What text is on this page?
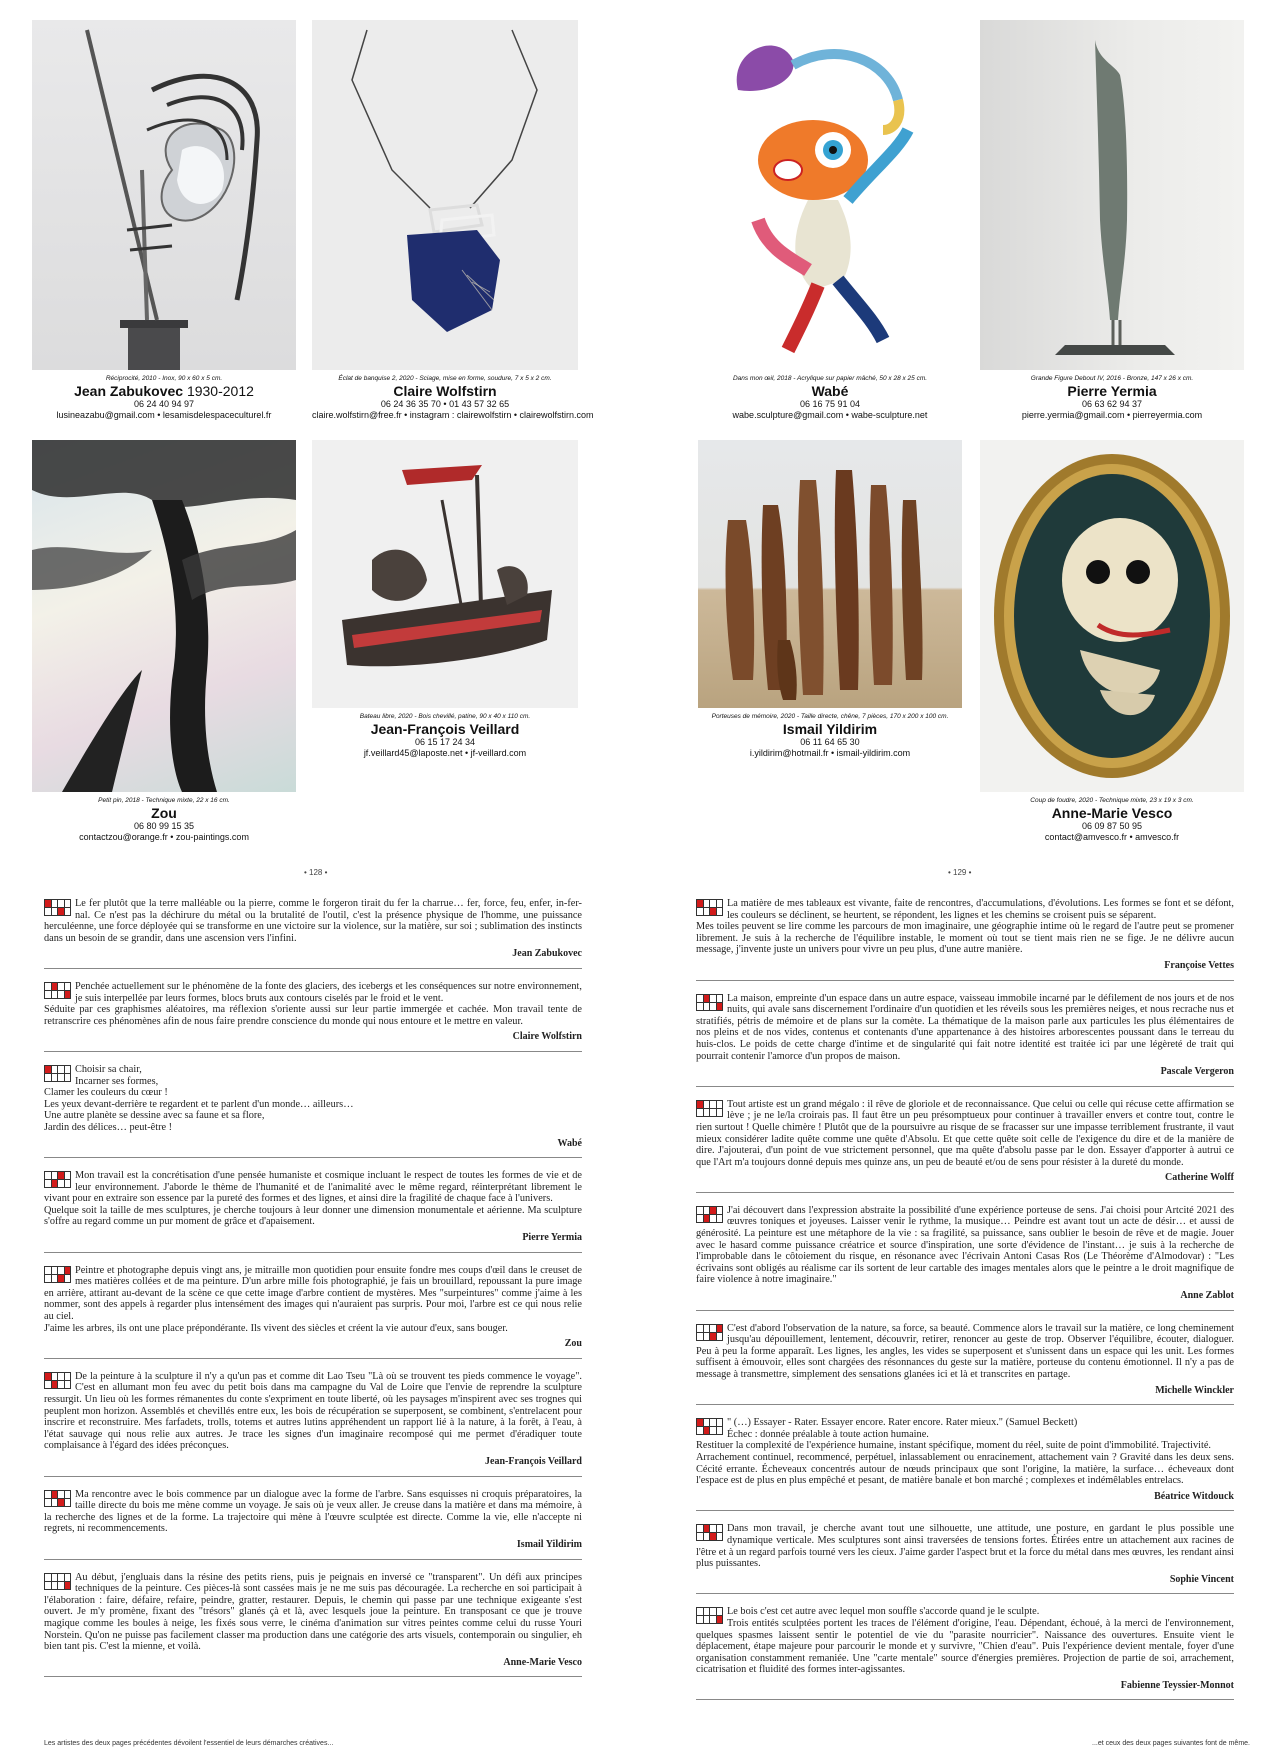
Réciprocité, 2010 - Inox, 90 x 60 x 5 cm.
Jean Zabukovec 1930-2012
06 24 40 94 97
lusineazabu@gmail.com • lesamisdelespaceculturel.fr
Éclat de banquise 2, 2020 - Sciage, mise en forme, soudure, 7 x 5 x 2 cm.
Claire Wolfstirn
06 24 36 35 70 • 01 43 57 32 65
claire.wolfstirn@free.fr • instagram : clairewolfstirn • clairewolfstirn.com
Dans mon œil, 2018 - Acrylique sur papier mâché, 50 x 28 x 25 cm.
Wabé
06 16 75 91 04
wabe.sculpture@gmail.com • wabe-sculpture.net
Grande Figure Debout IV, 2016 - Bronze, 147 x 26 x cm.
Pierre Yermia
06 63 62 94 37
pierre.yermia@gmail.com • pierreyermia.com
Petit pin, 2018 - Technique mixte, 22 x 16 cm.
Zou
06 80 99 15 35
contactzou@orange.fr • zou-paintings.com
Bateau libre, 2020 - Bois chevillé, patine, 90 x 40 x 110 cm.
Jean-François Veillard
06 15 17 24 34
jf.veillard45@laposte.net • jf-veillard.com
Porteuses de mémoire, 2020 - Taille directe, chêne, 7 pièces, 170 x 200 x 100 cm.
Ismail Yildirim
06 11 64 65 30
i.yildirim@hotmail.fr • ismail-yildirim.com
Coup de foudre, 2020 - Technique mixte, 23 x 19 x 3 cm.
Anne-Marie Vesco
06 09 87 50 95
contact@amvesco.fr • amvesco.fr
• 128 •	• 129 •

Le fer plutôt que la terre malléable ou la pierre, comme le forgeron tirait du fer la charrue… fer, force, feu, enfer, in-fer-nal. Ce n'est pas la déchirure du métal ou la brutalité de l'outil, c'est la présence physique de l'homme, une puissance herculéenne, une force déployée qui se transforme en une victoire sur la violence, sur la matière, sur soi ; sublimation des instincts dans un besoin de se grandir, dans une ascension vers l'infini.

Jean Zabukovec

Penchée actuellement sur le phénomène de la fonte des glaciers, des icebergs et les conséquences sur notre environnement, je suis interpellée par leurs formes, blocs bruts aux contours ciselés par le froid et le vent.

Séduite par ces graphismes aléatoires, ma réflexion s'oriente aussi sur leur partie immergée et cachée. Mon travail tente de retranscrire ces phénomènes afin de nous faire prendre conscience du monde qui nous entoure et le mettre en valeur.

Claire Wolfstirn

Choisir sa chair,

Incarner ses formes,

Clamer les couleurs du cœur !

Les yeux devant-derrière te regardent et te parlent d'un monde… ailleurs…

Une autre planète se dessine avec sa faune et sa flore,

Jardin des délices… peut-être !

Wabé

Mon travail est la concrétisation d'une pensée humaniste et cosmique incluant le respect de toutes les formes de vie et de leur environnement. J'aborde le thème de l'humanité et de l'animalité avec le même regard, réinterprétant librement le vivant pour en extraire son essence par la pureté des formes et des lignes, et ainsi dire la fragilité de chaque face à l'univers.

Quelque soit la taille de mes sculptures, je cherche toujours à leur donner une dimension monumentale et aérienne. Ma sculpture s'offre au regard comme un pur moment de grâce et d'apaisement.

Pierre Yermia

Peintre et photographe depuis vingt ans, je mitraille mon quotidien pour ensuite fondre mes coups d'œil dans le creuset de mes matières collées et de ma peinture. D'un arbre mille fois photographié, je fais un brouillard, repoussant la pure image en arrière, attirant au-devant de la scène ce que cette image d'arbre contient de mystères. Mes "surpeintures" comme j'aime à les nommer, sont des appels à regarder plus intensément des images qui n'auraient pas surpris. Pour moi, l'arbre est ce qui nous relie au ciel.

J'aime les arbres, ils ont une place prépondérante. Ils vivent des siècles et créent la vie autour d'eux, sans bouger.

Zou

De la peinture à la sculpture il n'y a qu'un pas et comme dit Lao Tseu "Là où se trouvent tes pieds commence le voyage". C'est en allumant mon feu avec du petit bois dans ma campagne du Val de Loire que l'envie de reprendre la sculpture ressurgit. Un lieu où les formes rémanentes du conte s'expriment en toute liberté, où les paysages m'inspirent avec ses trognes qui peuplent mon horizon. Assemblés et chevillés entre eux, les bois de récupération se superposent, se combinent, s'entrelacent pour inscrire et reconstruire. Mes farfadets, trolls, totems et autres lutins appréhendent un rapport lié à la nature, à la forêt, à l'eau, à l'état sauvage qui nous relie aux autres. Je trace les signes d'un imaginaire recomposé qui me permet d'éradiquer toute complaisance à l'égard des idées préconçues.

Jean-François Veillard

Ma rencontre avec le bois commence par un dialogue avec la forme de l'arbre. Sans esquisses ni croquis préparatoires, la taille directe du bois me mène comme un voyage. Je sais où je veux aller. Je creuse dans la matière et dans ma mémoire, à la recherche des lignes et de la forme. La trajectoire qui mène à l'œuvre sculptée est directe. Comme la vie, elle n'accepte ni regrets, ni recommencements.

Ismail Yildirim

Au début, j'engluais dans la résine des petits riens, puis je peignais en inversé ce "transparent". Un défi aux principes techniques de la peinture. Ces pièces-là sont cassées mais je ne me suis pas découragée. La recherche en soi participait à l'élaboration : faire, défaire, refaire, peindre, gratter, restaurer. Depuis, le chemin qui passe par une technique exigeante s'est ouvert. Je m'y promène, fixant des "trésors" glanés çà et là, avec lesquels joue la peinture. En transposant ce que je trouve magique comme les boules à neige, les fixés sous verre, le cinéma d'animation sur vitres peintes comme celui du russe Youri Norstein. Qu'on ne puisse pas facilement classer ma production dans une catégorie des arts visuels, contemporain ou singulier, eh bien tant pis. C'est la mienne, et voilà.

Anne-Marie Vesco

La matière de mes tableaux est vivante, faite de rencontres, d'accumulations, d'évolutions. Les formes se font et se défont, les couleurs se déclinent, se heurtent, se répondent, les lignes et les chemins se croisent puis se séparent.

Mes toiles peuvent se lire comme les parcours de mon imaginaire, une géographie intime où le regard de l'autre peut se promener librement. Je suis à la recherche de l'équilibre instable, le moment où tout se tient mais rien ne se fige. Je ne délivre aucun message, j'invente juste un univers pour vivre un peu plus, d'une autre manière.

Françoise Vettes

La maison, empreinte d'un espace dans un autre espace, vaisseau immobile incarné par le défilement de nos jours et de nos nuits, qui avale sans discernement l'ordinaire d'un quotidien et les réveils sous les premières neiges, et nous recrache nus et stratifiés, pétris de mémoire et de plans sur la comète. La thématique de la maison parle aux particules les plus élémentaires de nos pleins et de nos vides, contenus et contenants d'une appartenance à des histoires arborescentes poussant dans le terreau du huis-clos. Le poids de cette charge d'intime et de singularité qui fait notre identité est traitée ici par une légèreté de trait qui pourrait contenir l'amorce d'un propos de maison.

Pascale Vergeron

Tout artiste est un grand mégalo : il rêve de gloriole et de reconnaissance. Que celui ou celle qui récuse cette affirmation se lève ; je ne le/la croirais pas. Il faut être un peu présomptueux pour continuer à travailler envers et contre tout, contre le rien surtout ! Quelle chimère ! Plutôt que de la poursuivre au risque de se fracasser sur une impasse terriblement frustrante, il vaut mieux considérer ladite quête comme une quête d'Absolu. Et que cette quête soit celle de l'exigence du dire et de la manière de dire. J'ajouterai, d'un point de vue strictement personnel, que ma quête d'absolu passe par le don. Essayer d'apporter à autrui ce que l'Art m'a toujours donné depuis mes quinze ans, un peu de beauté et/ou de sens pour résister à la dureté du monde.

Catherine Wolff

J'ai découvert dans l'expression abstraite la possibilité d'une expérience porteuse de sens. J'ai choisi pour Artcité 2021 des œuvres toniques et joyeuses. Laisser venir le rythme, la musique… Peindre est avant tout un acte de désir… et aussi de générosité. La peinture est une métaphore de la vie : sa fragilité, sa puissance, sans oublier le besoin de rêve et de magie. Jouer avec le hasard comme puissance créatrice et source d'inspiration, une sorte d'évidence de l'instant… je suis à la recherche de l'improbable dans le côtoiement du risque, en résonance avec l'écrivain Antoni Casas Ros (Le Théorème d'Almodovar) : "Les écrivains sont obligés au réalisme car ils sortent de leur cartable des images mentales alors que le peintre a le droit magnifique de faire violence à notre imaginaire."

Anne Zablot

C'est d'abord l'observation de la nature, sa force, sa beauté. Commence alors le travail sur la matière, ce long cheminement jusqu'au dépouillement, lentement, découvrir, retirer, renoncer au geste de trop. Observer l'équilibre, écouter, dialoguer. Peu à peu la forme apparaît. Les lignes, les angles, les vides se superposent et s'unissent dans un espace qui les unit. Les formes suffisent à émouvoir, elles sont chargées des résonnances du geste sur la matière, porteuse du contenu émotionnel. Il n'y a pas de message à transmettre, simplement des sensations glanées ici et là et transcrites en partage.

Michelle Winckler

" (…) Essayer - Rater. Essayer encore. Rater encore. Rater mieux." (Samuel Beckett)

Échec : donnée préalable à toute action humaine.

Restituer la complexité de l'expérience humaine, instant spécifique, moment du réel, suite de point d'immobilité. Trajectivité.

Arrachement continuel, recommencé, perpétuel, inlassablement ou enracinement, attachement vain ? Gravité dans les deux sens. Cécité errante. Écheveaux concentrés autour de nœuds principaux que sont l'origine, la matière, la surface… écheveaux dont l'espace est de plus en plus empêché et pesant, de matière banale et bon marché ; complexes et indémêlables entrelacs.

Béatrice Witdouck

Dans mon travail, je cherche avant tout une silhouette, une attitude, une posture, en gardant le plus possible une dynamique verticale. Mes sculptures sont ainsi traversées de tensions fortes. Étirées entre un attachement aux racines de l'être et à un regard parfois tourné vers les cieux. J'aime garder l'aspect brut et la force du métal dans mes œuvres, les rendant ainsi plus puissantes.

Sophie Vincent

Le bois c'est cet autre avec lequel mon souffle s'accorde quand je le sculpte.

Trois entités sculptées portent les traces de l'élément d'origine, l'eau. Dépendant, échoué, à la merci de l'environnement, quelques spasmes laissent sentir le potentiel de vie du "parasite nourricier". Naissance des ouvertures. Ensuite vient le déplacement, étape majeure pour parcourir le monde et y survivre, "Chien d'eau". Puis l'expérience devient mentale, foyer d'une organisation constamment remaniée. Une "carte mentale" source d'énergies premières. Projection de partie de soi, arrachement, cicatrisation et fluidité des formes inter-agissantes.

Fabienne Teyssier-Monnot
Les artistes des deux pages précédentes dévoilent l'essentiel de leurs démarches créatives...	...et ceux des deux pages suivantes font de même.
